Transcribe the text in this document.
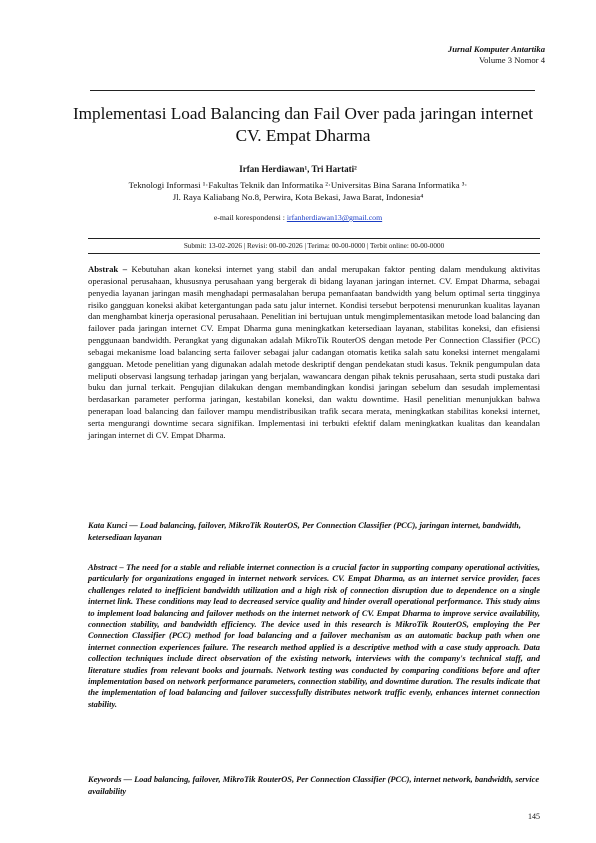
Jurnal Komputer Antartika
Volume 3 Nomor 4
Implementasi Load Balancing dan Fail Over pada jaringan internet CV. Empat Dharma
Irfan Herdiawan¹, Tri Hartati²
Teknologi Informasi ¹·Fakultas Teknik dan Informatika ²·Universitas Bina Sarana Informatika ³·
Jl. Raya Kaliabang No.8, Perwira, Kota Bekasi, Jawa Barat, Indonesia⁴
e-mail korespondensi : irfanherdiawan13@gmail.com
Submit: 13-02-2026 | Revisi: 00-00-2026 | Terima: 00-00-0000 | Terbit online: 00-00-0000
Abstrak – Kebutuhan akan koneksi internet yang stabil dan andal merupakan faktor penting dalam mendukung aktivitas operasional perusahaan, khususnya perusahaan yang bergerak di bidang layanan jaringan internet. CV. Empat Dharma, sebagai penyedia layanan jaringan masih menghadapi permasalahan berupa pemanfaatan bandwidth yang belum optimal serta tingginya risiko gangguan koneksi akibat ketergantungan pada satu jalur internet. Kondisi tersebut berpotensi menurunkan kualitas layanan dan menghambat kinerja operasional perusahaan. Penelitian ini bertujuan untuk mengimplementasikan metode load balancing dan failover pada jaringan internet CV. Empat Dharma guna meningkatkan ketersediaan layanan, stabilitas koneksi, dan efisiensi penggunaan bandwidth. Perangkat yang digunakan adalah MikroTik RouterOS dengan metode Per Connection Classifier (PCC) sebagai mekanisme load balancing serta failover sebagai jalur cadangan otomatis ketika salah satu koneksi internet mengalami gangguan. Metode penelitian yang digunakan adalah metode deskriptif dengan pendekatan studi kasus. Teknik pengumpulan data meliputi observasi langsung terhadap jaringan yang berjalan, wawancara dengan pihak teknis perusahaan, serta studi pustaka dari buku dan jurnal terkait. Pengujian dilakukan dengan membandingkan kondisi jaringan sebelum dan sesudah implementasi berdasarkan parameter performa jaringan, kestabilan koneksi, dan waktu downtime. Hasil penelitian menunjukkan bahwa penerapan load balancing dan failover mampu mendistribusikan trafik secara merata, meningkatkan stabilitas koneksi internet, serta mengurangi downtime secara signifikan. Implementasi ini terbukti efektif dalam meningkatkan kualitas dan keandalan jaringan internet di CV. Empat Dharma.
Kata Kunci — Load balancing, failover, MikroTik RouterOS, Per Connection Classifier (PCC), jaringan internet, bandwidth, ketersediaan layanan
Abstract – The need for a stable and reliable internet connection is a crucial factor in supporting company operational activities, particularly for organizations engaged in internet network services. CV. Empat Dharma, as an internet service provider, faces challenges related to inefficient bandwidth utilization and a high risk of connection disruption due to dependence on a single internet link. These conditions may lead to decreased service quality and hinder overall operational performance. This study aims to implement load balancing and failover methods on the internet network of CV. Empat Dharma to improve service availability, connection stability, and bandwidth efficiency. The device used in this research is MikroTik RouterOS, employing the Per Connection Classifier (PCC) method for load balancing and a failover mechanism as an automatic backup path when one internet connection experiences failure. The research method applied is a descriptive method with a case study approach. Data collection techniques include direct observation of the existing network, interviews with the company's technical staff, and literature studies from relevant books and journals. Network testing was conducted by comparing conditions before and after implementation based on network performance parameters, connection stability, and downtime duration. The results indicate that the implementation of load balancing and failover successfully distributes network traffic evenly, enhances internet connection stability.
Keywords — Load balancing, failover, MikroTik RouterOS, Per Connection Classifier (PCC), internet network, bandwidth, service availability
145
